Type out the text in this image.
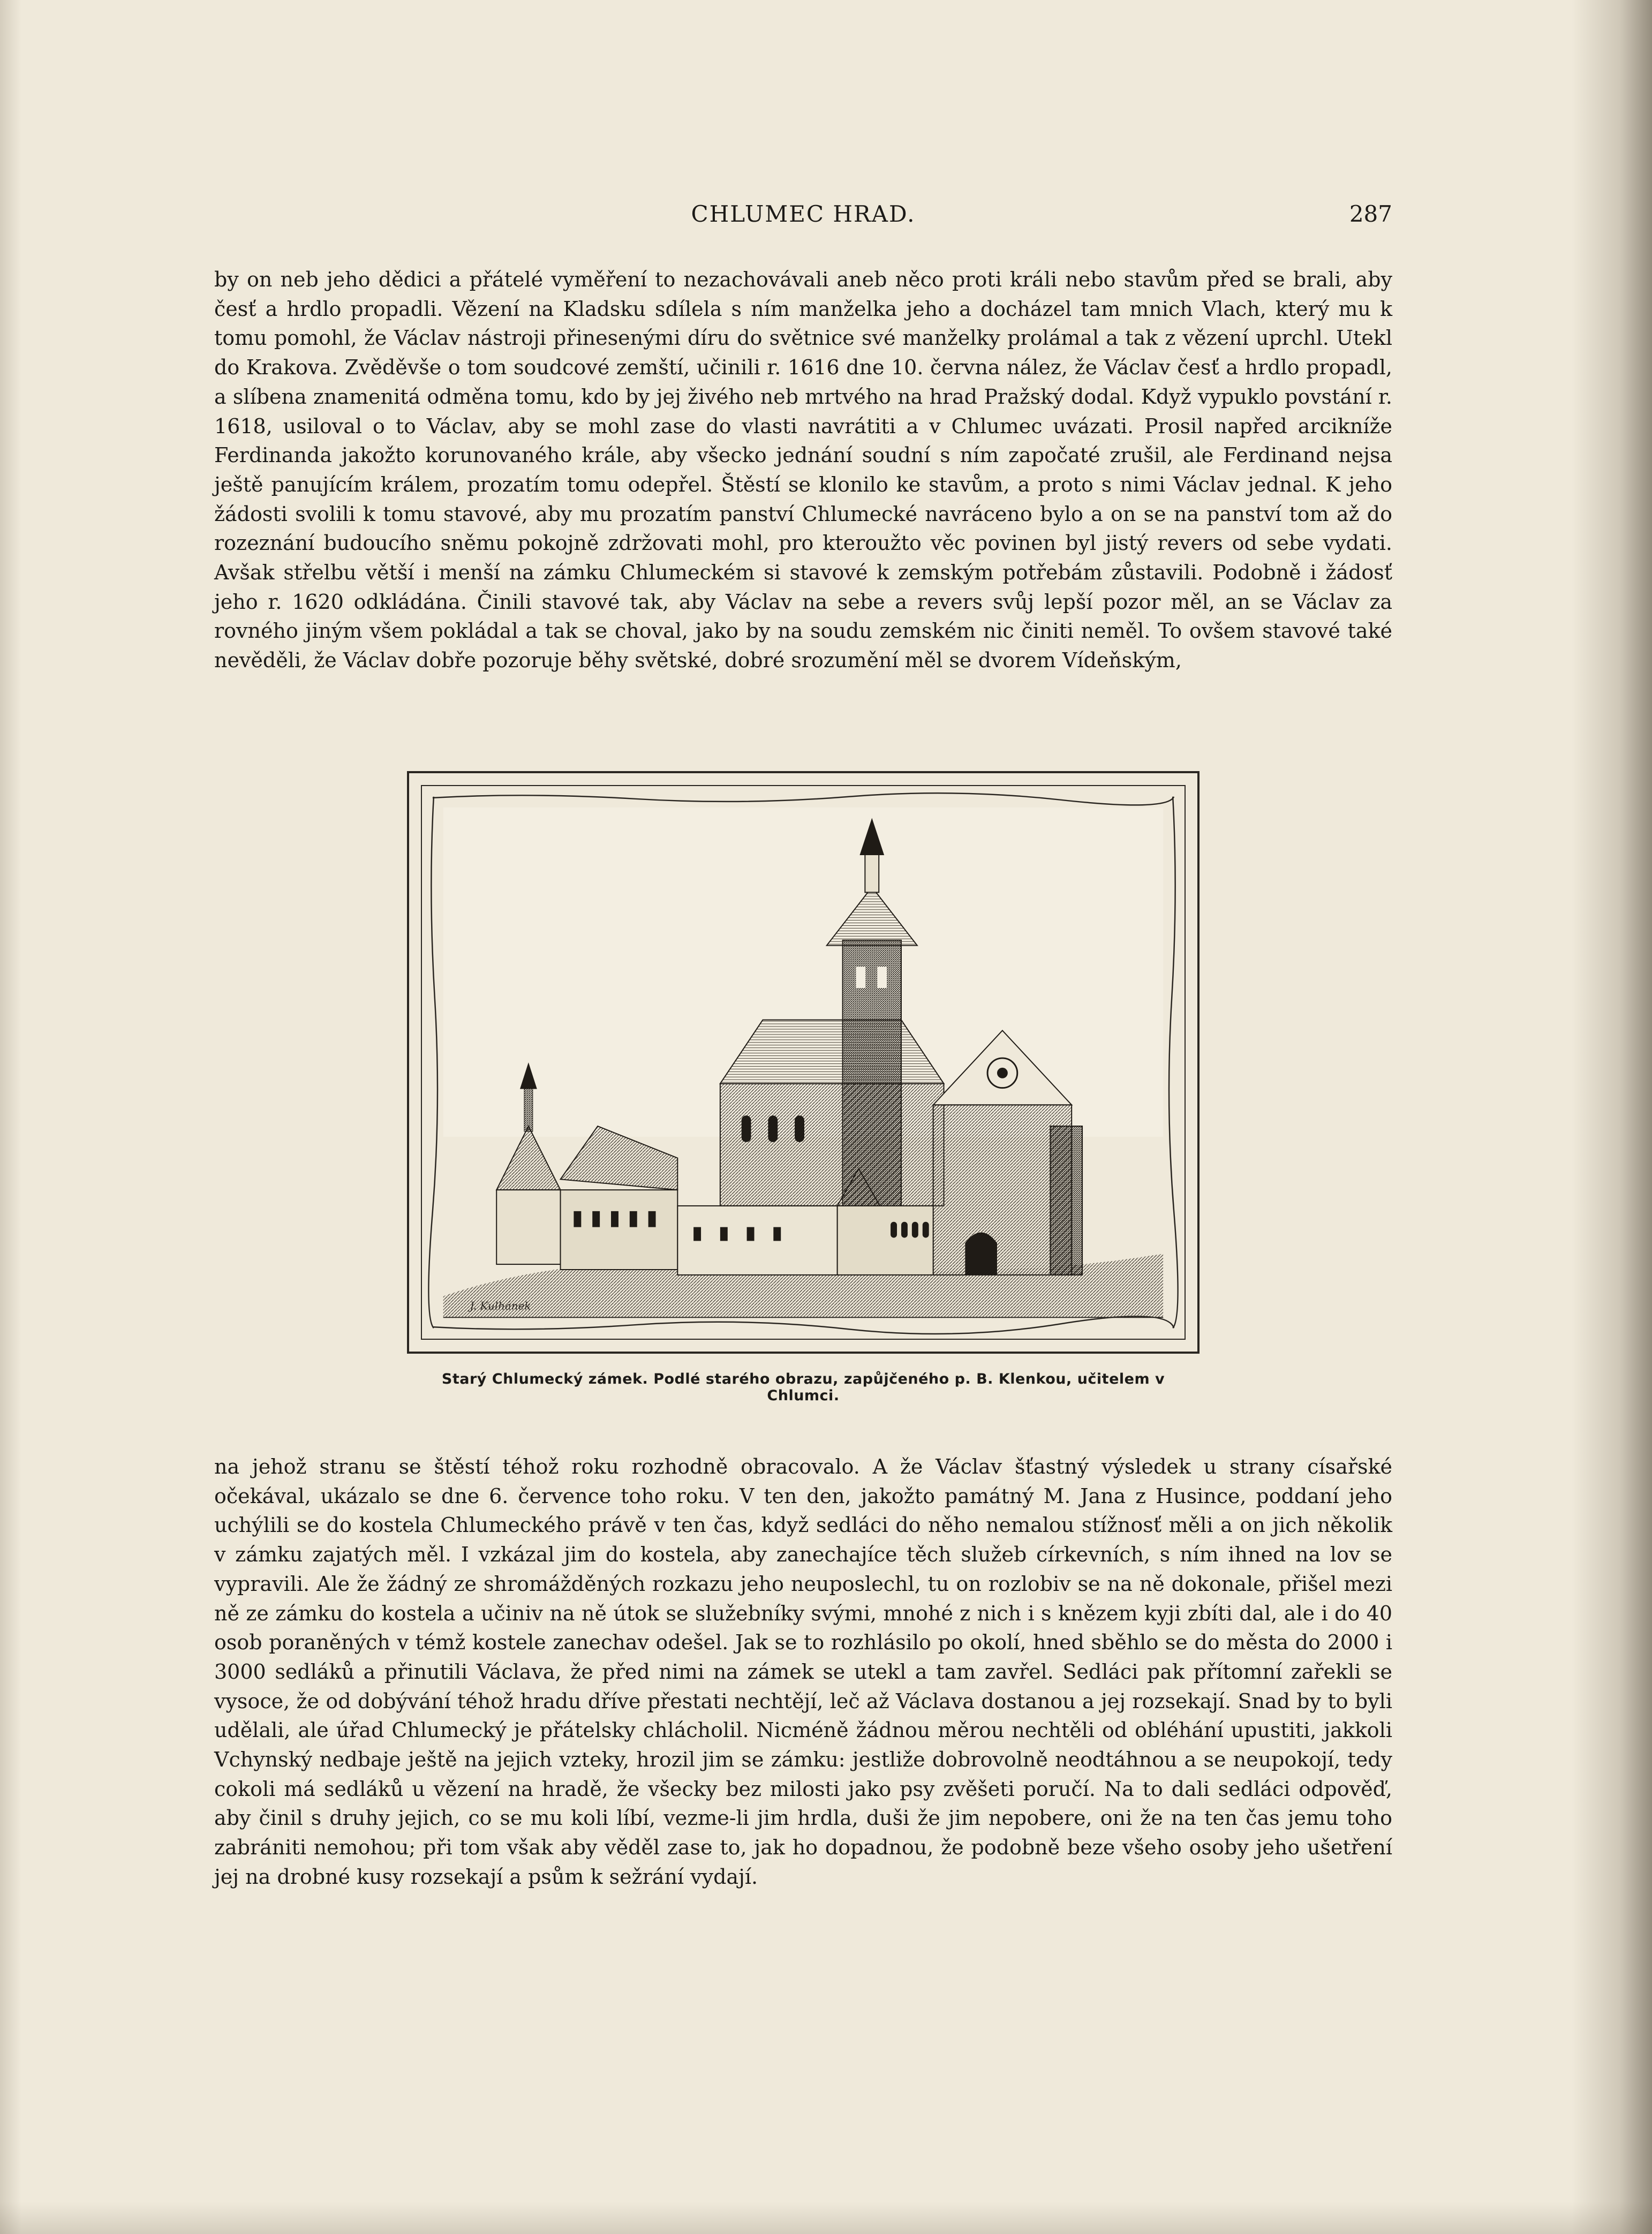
CHLUMEC HRAD.	287

by on neb jeho dědici a přátelé vyměření to nezachovávali aneb něco proti králi nebo stavům před se brali, aby česť a hrdlo propadli. Vězení na Kladsku sdílela s ním manželka jeho a docházel tam mnich Vlach, který mu k tomu pomohl, že Václav nástroji přinesenými díru do světnice své manželky prolámal a tak z vězení uprchl. Utekl do Krakova. Zvěděvše o tom soudcové zemští, učinili r. 1616 dne 10. června nález, že Václav česť a hrdlo propadl, a slíbena znamenitá odměna tomu, kdo by jej živého neb mrtvého na hrad Pražský dodal. Když vypuklo povstání r. 1618, usiloval o to Václav, aby se mohl zase do vlasti navrátiti a v Chlumec uvázati. Prosil napřed arcikníže Ferdinanda jakožto korunovaného krále, aby všecko jednání soudní s ním započaté zrušil, ale Ferdinand nejsa ještě panujícím králem, prozatím tomu odepřel. Štěstí se klonilo ke stavům, a proto s nimi Václav jednal. K jeho žádosti svolili k tomu stavové, aby mu prozatím panství Chlumecké navráceno bylo a on se na panství tom až do rozeznání budoucího sněmu pokojně zdržovati mohl, pro kteroužto věc povinen byl jistý revers od sebe vydati. Avšak střelbu větší i menší na zámku Chlumeckém si stavové k zemským potřebám zůstavili. Podobně i žádosť jeho r. 1620 odkládána. Činili stavové tak, aby Václav na sebe a revers svůj lepší pozor měl, an se Václav za rovného jiným všem pokládal a tak se choval, jako by na soudu zemském nic činiti neměl. To ovšem stavové také nevěděli, že Václav dobře pozoruje běhy světské, dobré srozumění měl se dvorem Vídeňským,

J. Kulhánek
Starý Chlumecký zámek. Podlé starého obrazu, zapůjčeného p. B. Klenkou, učitelem v Chlumci.

na jehož stranu se štěstí téhož roku rozhodně obracovalo. A že Václav šťastný výsledek u strany císařské očekával, ukázalo se dne 6. července toho roku. V ten den, jakožto památný M. Jana z Husince, poddaní jeho uchýlili se do kostela Chlumeckého právě v ten čas, když sedláci do něho nemalou stížnosť měli a on jich několik v zámku zajatých měl. I vzkázal jim do kostela, aby zanechajíce těch služeb církevních, s ním ihned na lov se vypravili. Ale že žádný ze shromážděných rozkazu jeho neuposlechl, tu on rozlobiv se na ně dokonale, přišel mezi ně ze zámku do kostela a učiniv na ně útok se služebníky svými, mnohé z nich i s knězem kyji zbíti dal, ale i do 40 osob poraněných v témž kostele zanechav odešel. Jak se to rozhlásilo po okolí, hned sběhlo se do města do 2000 i 3000 sedláků a přinutili Václava, že před nimi na zámek se utekl a tam zavřel. Sedláci pak přítomní zařekli se vysoce, že od dobývání téhož hradu dříve přestati nechtějí, leč až Václava dostanou a jej rozsekají. Snad by to byli udělali, ale úřad Chlumecký je přátelsky chlácholil. Nicméně žádnou měrou nechtěli od obléhání upustiti, jakkoli Vchynský nedbaje ještě na jejich vzteky, hrozil jim se zámku: jestliže dobrovolně neodtáhnou a se neupokojí, tedy cokoli má sedláků u vězení na hradě, že všecky bez milosti jako psy zvěšeti poručí. Na to dali sedláci odpověď, aby činil s druhy jejich, co se mu koli líbí, vezme-li jim hrdla, duši že jim nepobere, oni že na ten čas jemu toho zabrániti nemohou; při tom však aby věděl zase to, jak ho dopadnou, že podobně beze všeho osoby jeho ušetření jej na drobné kusy rozsekají a psům k sežrání vydají.
